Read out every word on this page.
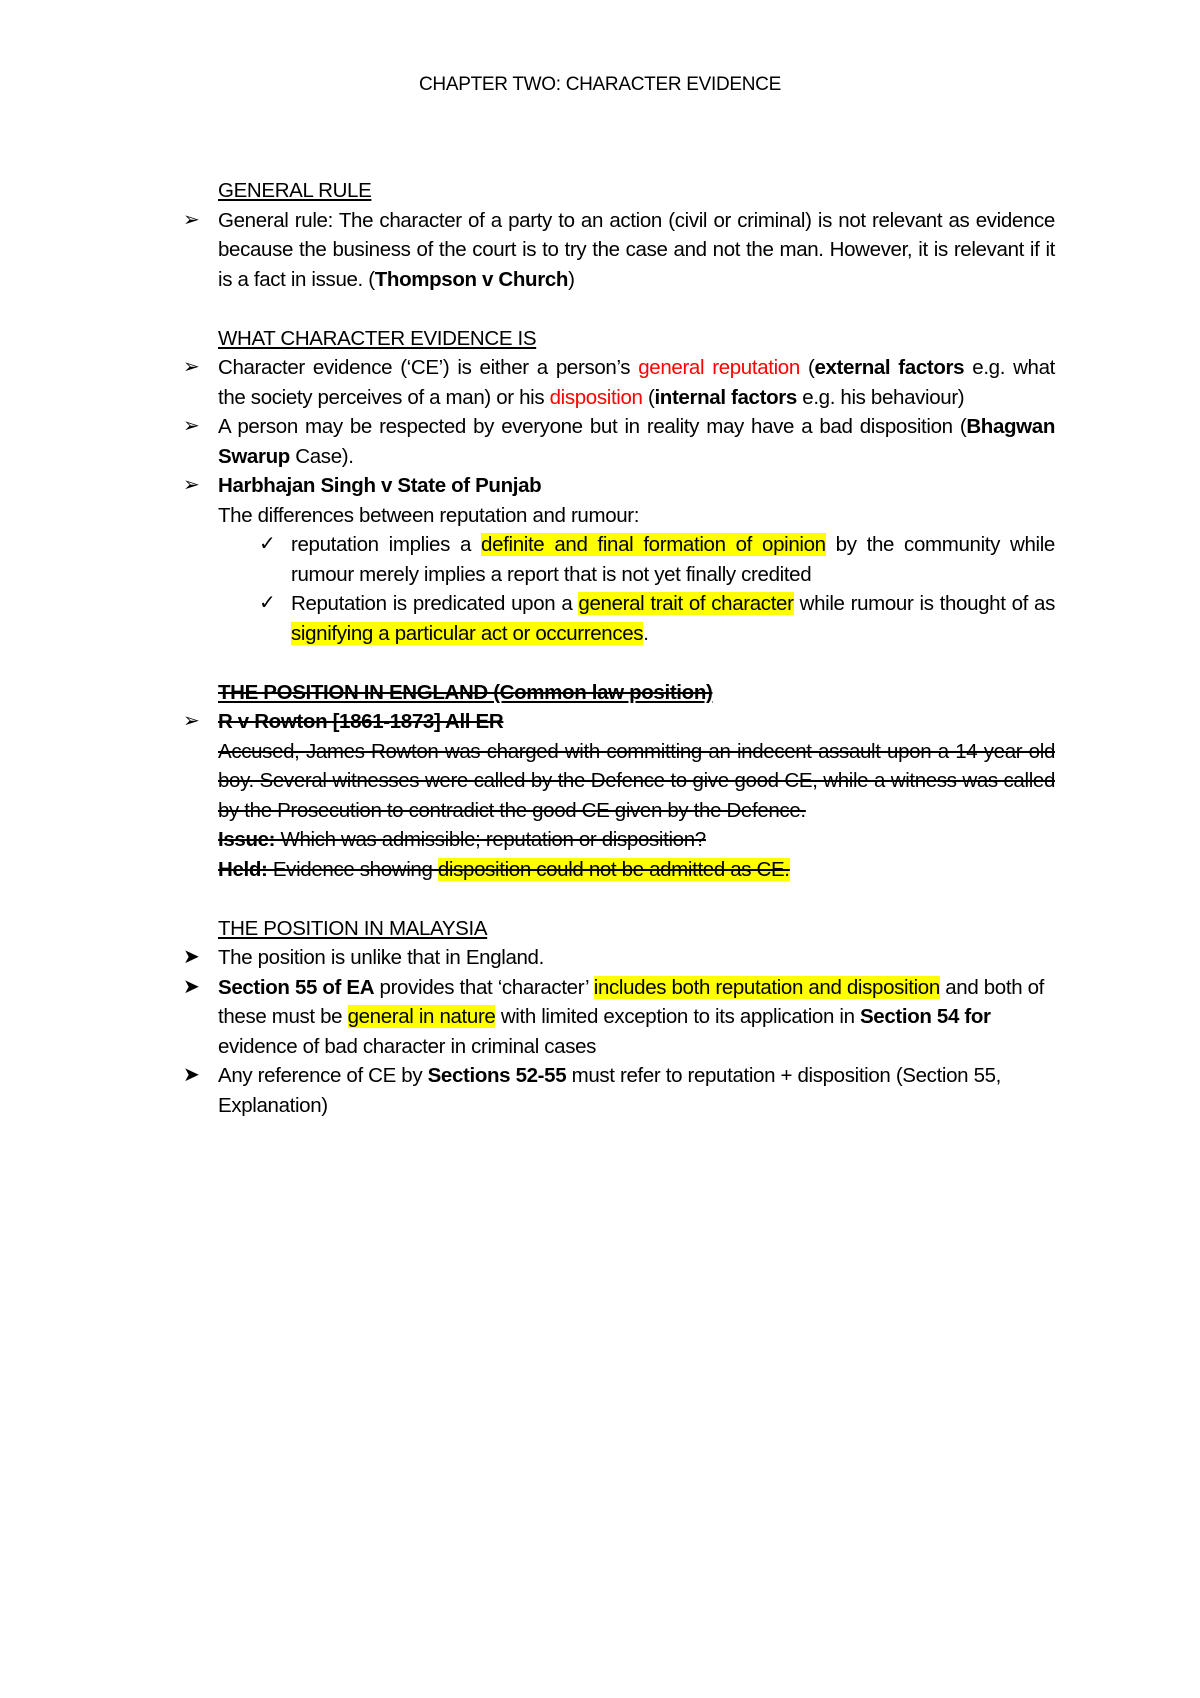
CHAPTER TWO: CHARACTER EVIDENCE
GENERAL RULE
➢ General rule: The character of a party to an action (civil or criminal) is not relevant as evidence because the business of the court is to try the case and not the man. However, it is relevant if it is a fact in issue. (Thompson v Church)
WHAT CHARACTER EVIDENCE IS
➢ Character evidence (‘CE’) is either a person’s general reputation (external factors e.g. what the society perceives of a man) or his disposition (internal factors e.g. his behaviour)
➢ A person may be respected by everyone but in reality may have a bad disposition (Bhagwan Swarup Case).
➢ Harbhajan Singh v State of Punjab
The differences between reputation and rumour:
✓ reputation implies a definite and final formation of opinion by the community while rumour merely implies a report that is not yet finally credited
✓ Reputation is predicated upon a general trait of character while rumour is thought of as signifying a particular act or occurrences.
THE POSITION IN ENGLAND (Common law position)
➢ R v Rowton [1861-1873] All ER
Accused, James Rowton was charged with committing an indecent assault upon a 14 year old boy. Several witnesses were called by the Defence to give good CE, while a witness was called by the Prosecution to contradict the good CE given by the Defence.
Issue: Which was admissible; reputation or disposition?
Held: Evidence showing disposition could not be admitted as CE.
THE POSITION IN MALAYSIA
➤ The position is unlike that in England.
➤ Section 55 of EA provides that ‘character’ includes both reputation and disposition and both of these must be general in nature with limited exception to its application in Section 54 for evidence of bad character in criminal cases
➤ Any reference of CE by Sections 52-55 must refer to reputation + disposition (Section 55, Explanation)
